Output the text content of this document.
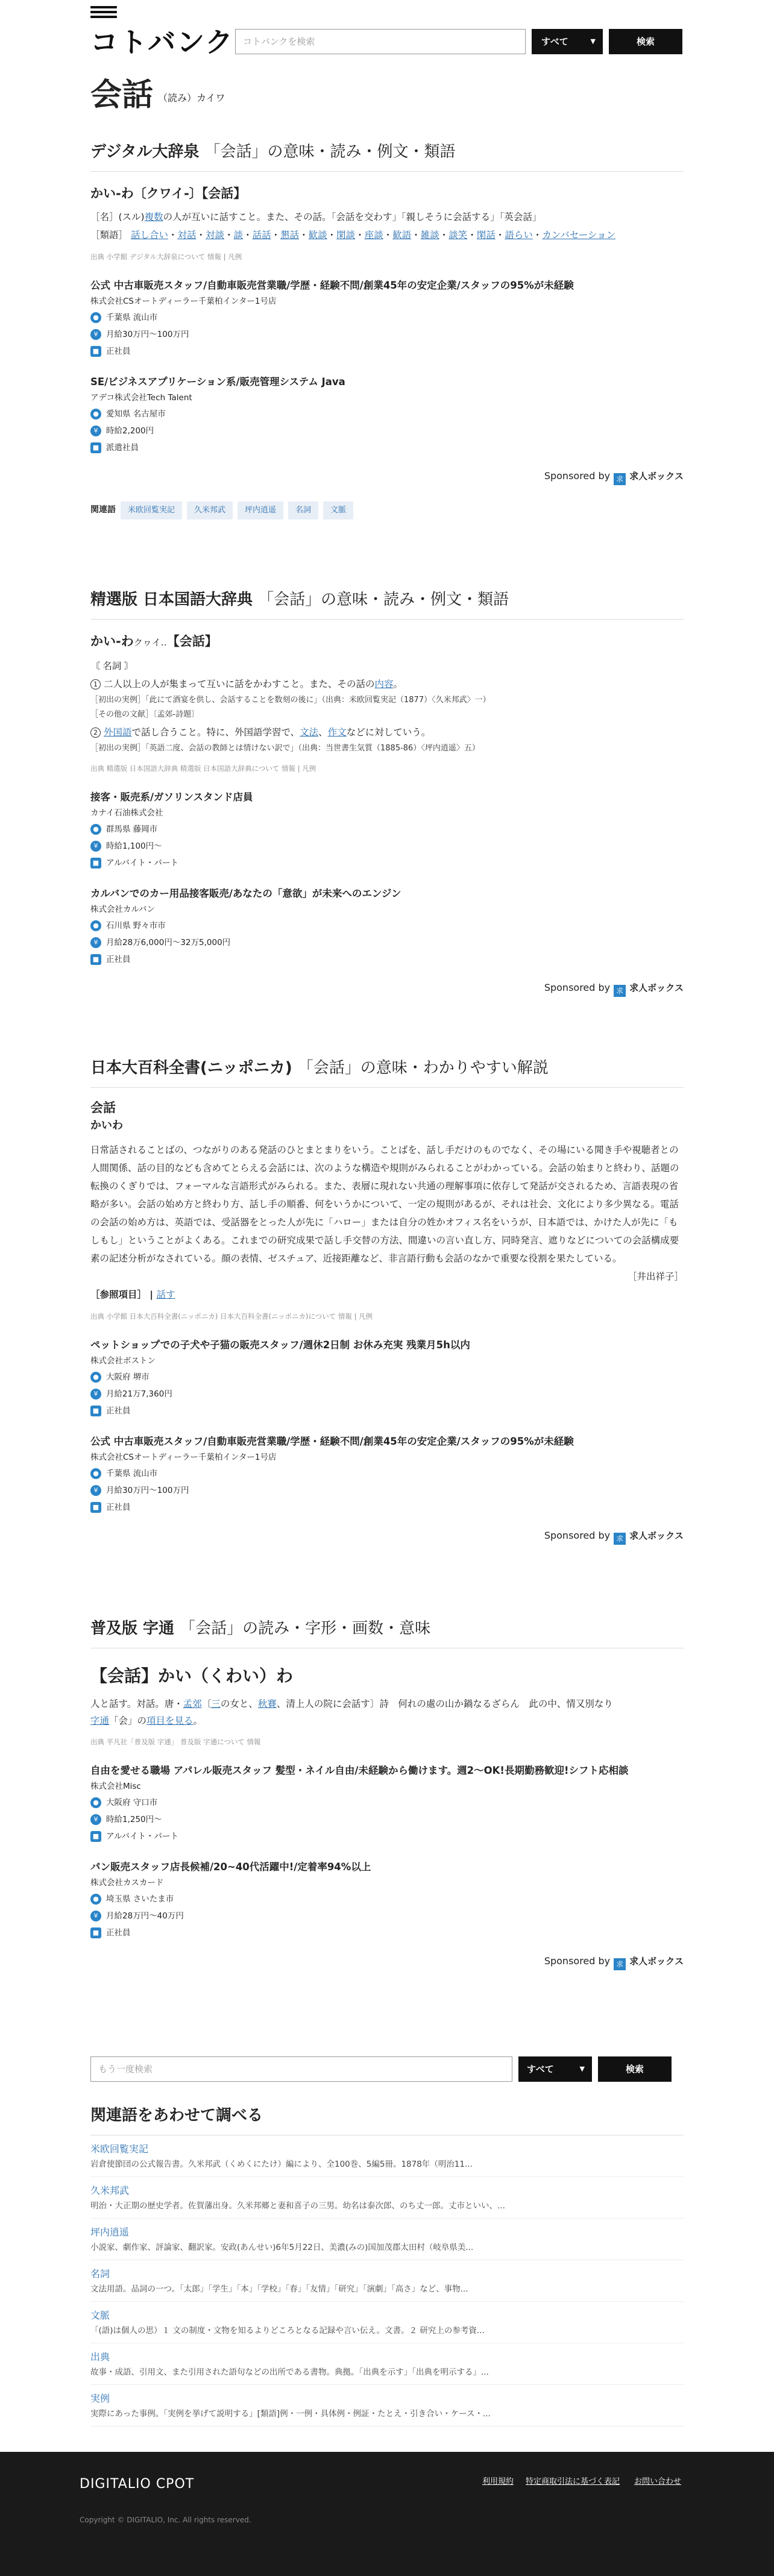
コトバンク コトバンクを検索	すべて	▼	検索
会話 （読み）カイワ
デジタル大辞泉 「会話」の意味・読み・例文・類語
かい‐わ〔クワイ‐〕【会話】
［名］(スル)複数の人が互いに話すこと。また、その話。「会話を交わす」「親しそうに会話する」「英会話」
［類語］ 話し合い・対話・対談・談・話話・懇話・歓談・閑談・座談・歓語・雑談・談笑・閑話・語らい・カンバセーション
出典 小学館 デジタル大辞泉について 情報 | 凡例
公式 中古車販売スタッフ/自動車販売営業職/学歴・経験不問/創業45年の安定企業/スタッフの95%が未経験
株式会社CSオートディーラー千葉柏インター1号店
● 千葉県 流山市
¥	月給30万円～100万円
■ 正社員
SE/ビジネスアプリケーション系/販売管理システム Java
アデコ株式会社Tech Talent
● 愛知県 名古屋市
¥	時給2,200円
■ 派遣社員
Sponsored by 求 求人ボックス
関連語 米欧回覧実記 久米邦武 坪内逍遥 名詞 文脈
精選版 日本国語大辞典 「会話」の意味・読み・例文・類語
かい‐わクヮイ‥【会話】
〘 名詞 〙
1 二人以上の人が集まって互いに話をかわすこと。また、その話の内容。
［初出の実例］「此にて酒宴を供し、会話することを数刻の後に」（出典：米欧回覧実記（1877）〈久米邦武〉一）
［その他の文献］〔孟郊-詩題〕
2 外国語で話し合うこと。特に、外国語学習で、文法、作文などに対していう。
［初出の実例］「英語二度、会話の教師とは情けない訳で」（出典：当世書生気質（1885‐86）〈坪内逍遥〉五）
出典 精選版 日本国語大辞典 精選版 日本国語大辞典について 情報 | 凡例
接客・販売系/ガソリンスタンド店員
カナイ石油株式会社
● 群馬県 藤岡市
¥	時給1,100円～
■ アルバイト・パート
カルバンでのカー用品接客販売/あなたの「意欲」が未来へのエンジン
株式会社カルバン
● 石川県 野々市市
¥	月給28万6,000円～32万5,000円
■ 正社員
Sponsored by 求 求人ボックス
日本大百科全書(ニッポニカ) 「会話」の意味・わかりやすい解説
会話
かいわ
日常話されることばの、つながりのある発話のひとまとまりをいう。ことばを、話し手だけのものでなく、その場にいる聞き手や視聴者との人間関係、話の目的なども含めてとらえる会話には、次のような構造や規則がみられることがわかっている。会話の始まりと終わり、話題の転換のくぎりでは、フォーマルな言語形式がみられる。また、表層に現れない共通の理解事項に依存して発話が交されるため、言語表現の省略が多い。会話の始め方と終わり方、話し手の順番、何をいうかについて、一定の規則があるが、それは社会、文化により多少異なる。電話の会話の始め方は、英語では、受話器をとった人が先に「ハロー」または自分の姓かオフィス名をいうが、日本語では、かけた人が先に「もしもし」ということがよくある。これまでの研究成果で話し手交替の方法、間違いの言い直し方、同時発言、遮りなどについての会話構成要素の記述分析がなされている。顔の表情、ゼスチュア、近接距離など、非言語行動も会話のなかで重要な役割を果たしている。
［井出祥子］
［参照項目］ | 話す
出典 小学館 日本大百科全書(ニッポニカ) 日本大百科全書(ニッポニカ)について 情報 | 凡例
ペットショップでの子犬や子猫の販売スタッフ/週休2日制 お休み充実 残業月5h以内
株式会社ボストン
● 大阪府 堺市
¥	月給21万7,360円
■ 正社員
公式 中古車販売スタッフ/自動車販売営業職/学歴・経験不問/創業45年の安定企業/スタッフの95%が未経験
株式会社CSオートディーラー千葉柏インター1号店
● 千葉県 流山市
¥	月給30万円～100万円
■ 正社員
Sponsored by 求 求人ボックス
普及版 字通 「会話」の読み・字形・画数・意味
【会話】かい（くわい）わ
人と話す。対話。唐・孟郊〔三の女と、秋賽、清上人の院に会話す〕詩　何れの處の山か鍋なるざらん　此の中、情又別なり
字通「会」の項目を見る。
出典 平凡社「普及版 字通」 普及版 字通について 情報
自由を愛せる職場 アパレル販売スタッフ 髪型・ネイル自由/未経験から働けます。週2～OK!長期勤務歓迎!シフト応相談
株式会社Misc
● 大阪府 守口市
¥	時給1,250円～
■ アルバイト・パート
パン販売スタッフ店長候補/20~40代活躍中!/定着率94%以上
株式会社カスカード
● 埼玉県 さいたま市
¥	月給28万円～40万円
■ 正社員
Sponsored by 求 求人ボックス
もう一度検索	すべて	▼	検索
関連語をあわせて調べる
米欧回覧実記
岩倉使節団の公式報告書。久米邦武（くめくにたけ）編により、全100巻、5編5冊。1878年（明治11...
久米邦武
明治・大正期の歴史学者。佐賀藩出身。久米邦郷と妻和喜子の三男。幼名は泰次郎、のち丈一郎。丈市といい、...
坪内逍遥
小説家、劇作家、評論家、翻訳家。安政(あんせい)6年5月22日、美濃(みの)国加茂郡太田村（岐阜県美...
名詞
文法用語。品詞の一つ。「太郎」「学生」「本」「学校」「春」「友情」「研究」「演劇」「高さ」など、事物...
文脈
「(語)は個人の思）１ 文の制度・文物を知るよりどころとなる記録や言い伝え。文書。２ 研究上の参考資...
出典
故事・成語、引用文、また引用された語句などの出所である書物。典拠。「出典を示す」「出典を明示する」...
実例
実際にあった事例。「実例を挙げて説明する」[類語]例・一例・具体例・例証・たとえ・引き合い・ケース・...
DIGITALIO CPOT	利用規約 特定商取引法に基づく表記 お問い合わせ
Copyright © DIGITALIO, Inc. All rights reserved.
